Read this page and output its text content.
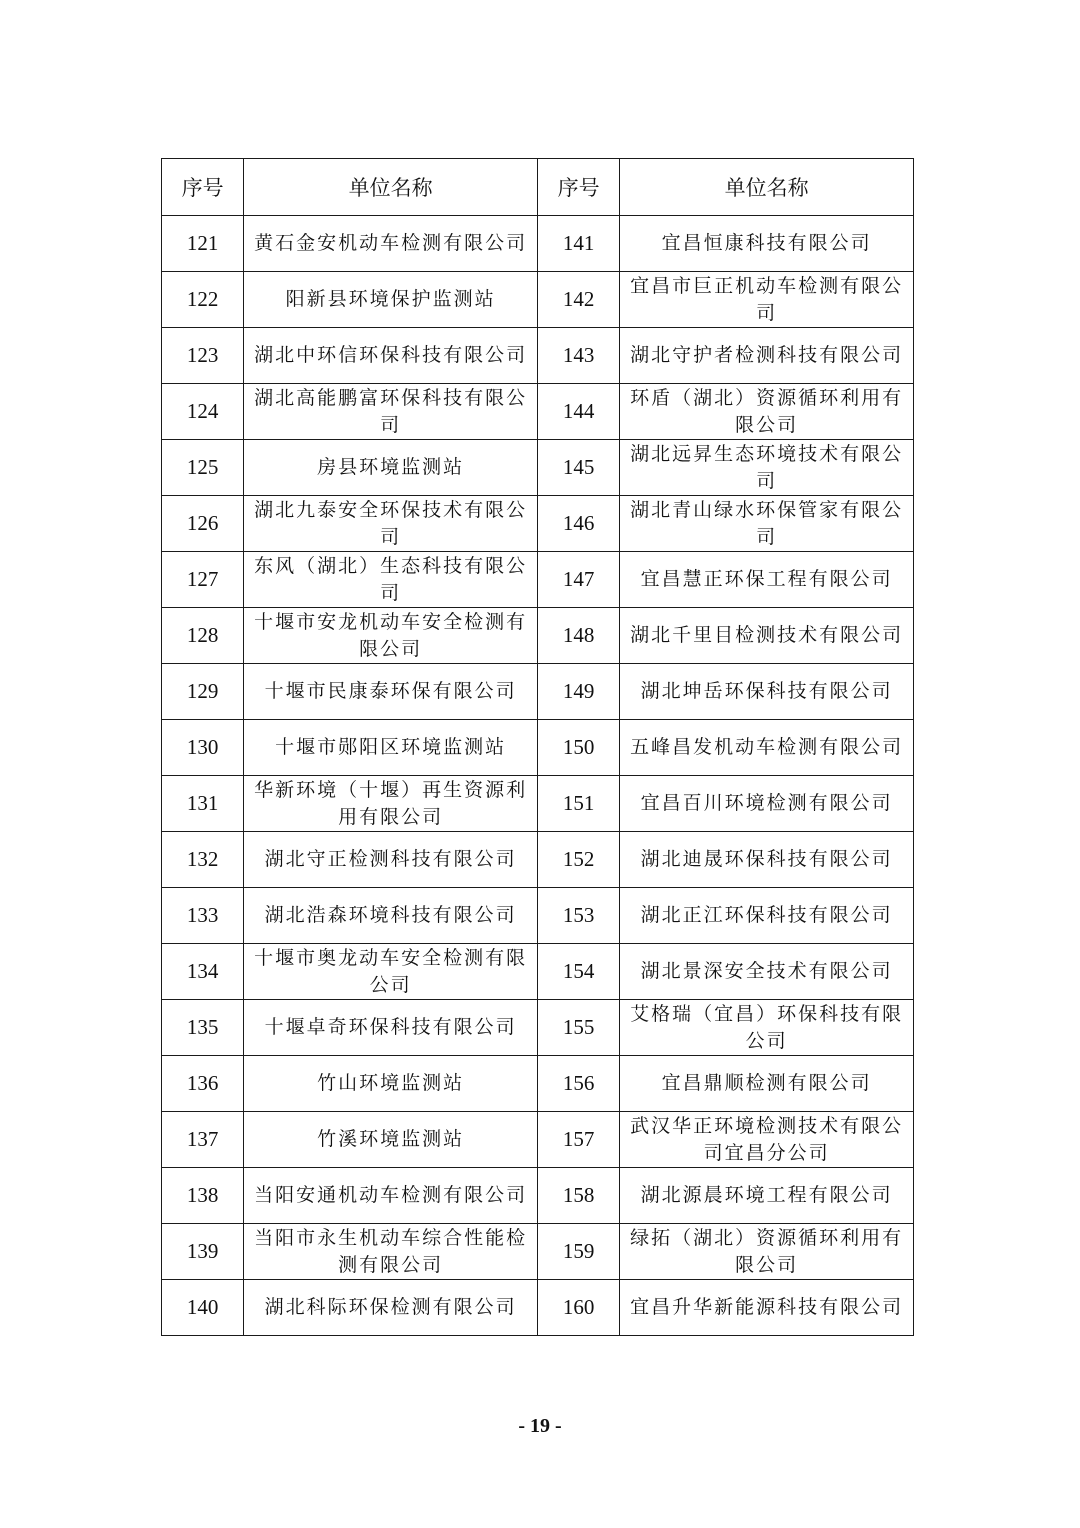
序号	单位名称	序号	单位名称
121	黄石金安机动车检测有限公司	141	宜昌恒康科技有限公司
122	阳新县环境保护监测站	142	宜昌市巨正机动车检测有限公司
123	湖北中环信环保科技有限公司	143	湖北守护者检测科技有限公司
124	湖北高能鹏富环保科技有限公司	144	环盾（湖北）资源循环利用有限公司
125	房县环境监测站	145	湖北远昇生态环境技术有限公司
126	湖北九泰安全环保技术有限公司	146	湖北青山绿水环保管家有限公司
127	东风（湖北）生态科技有限公司	147	宜昌慧正环保工程有限公司
128	十堰市安龙机动车安全检测有限公司	148	湖北千里目检测技术有限公司
129	十堰市民康泰环保有限公司	149	湖北坤岳环保科技有限公司
130	十堰市郧阳区环境监测站	150	五峰昌发机动车检测有限公司
131	华新环境（十堰）再生资源利用有限公司	151	宜昌百川环境检测有限公司
132	湖北守正检测科技有限公司	152	湖北迪晟环保科技有限公司
133	湖北浩森环境科技有限公司	153	湖北正江环保科技有限公司
134	十堰市奥龙动车安全检测有限公司	154	湖北景深安全技术有限公司
135	十堰卓奇环保科技有限公司	155	艾格瑞（宜昌）环保科技有限公司
136	竹山环境监测站	156	宜昌鼎顺检测有限公司
137	竹溪环境监测站	157	武汉华正环境检测技术有限公司宜昌分公司
138	当阳安通机动车检测有限公司	158	湖北源晨环境工程有限公司
139	当阳市永生机动车综合性能检测有限公司	159	绿拓（湖北）资源循环利用有限公司
140	湖北科际环保检测有限公司	160	宜昌升华新能源科技有限公司
- 19 -
